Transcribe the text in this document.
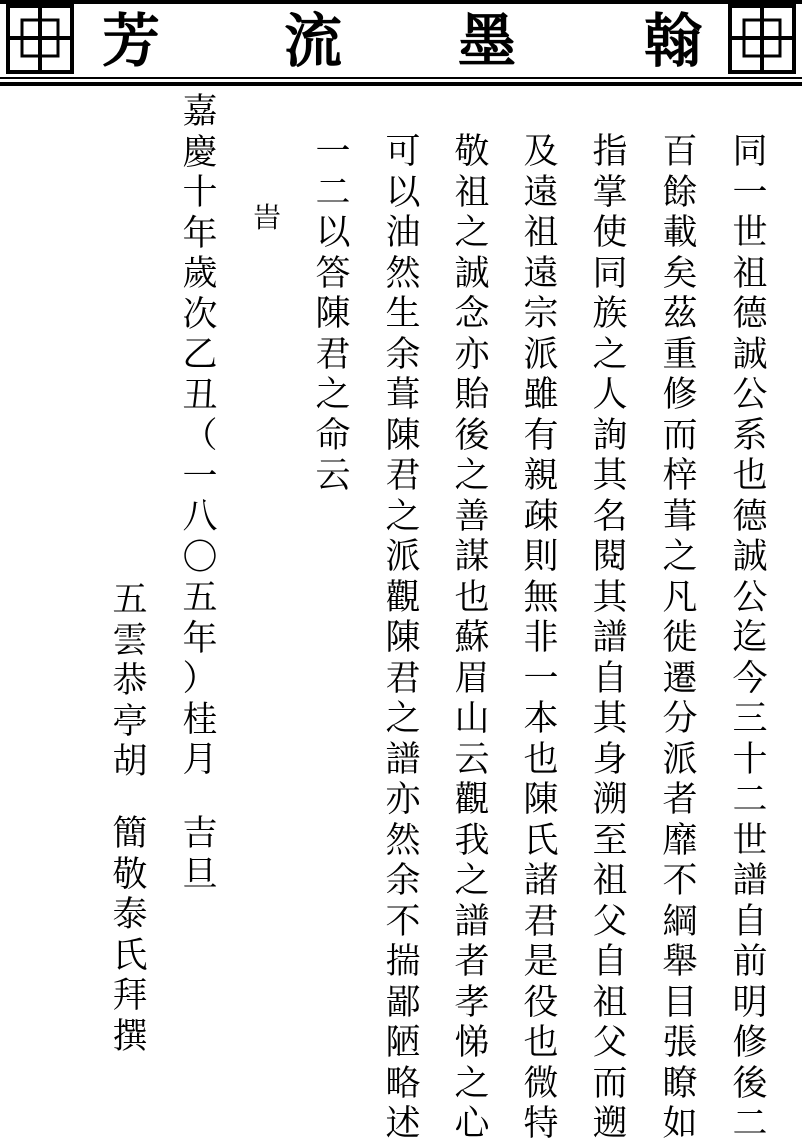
芳 流 墨 翰
同
一
世
祖
德
誠
公
系
也
德
誠
公
迄
今
三
十
二
世
譜
自
前
明
修
後
二
百
餘
載
矣
茲
重
修
而
梓
葺
之
凡
徙
遷
分
派
者
靡
不
綱
舉
目
張
瞭
如
指
掌
使
同
族
之
人
詢
其
名
閱
其
譜
自
其
身
溯
至
祖
父
自
祖
父
而
遡
及
遠
祖
遠
宗
派
雖
有
親
疎
則
無
非
一
本
也
陳
氏
諸
君
是
役
也
微
特
敬
祖
之
誠
念
亦
貽
後
之
善
謀
也
蘇
眉
山
云
觀
我
之
譜
者
孝
悌
之
心
可
以
油
然
生
余
葺
陳
君
之
派
觀
陳
君
之
譜
亦
然
余
不
揣
鄙
陋
略
述
一
二
以
答
陳
君
之
命
云
旹
嘉
慶
十
年
歲
次
乙
丑
（
一
八
〇
五
年
）
桂
月
吉
旦
五
雲
恭
亭
胡
簡
敬
泰
氏
拜
撰
